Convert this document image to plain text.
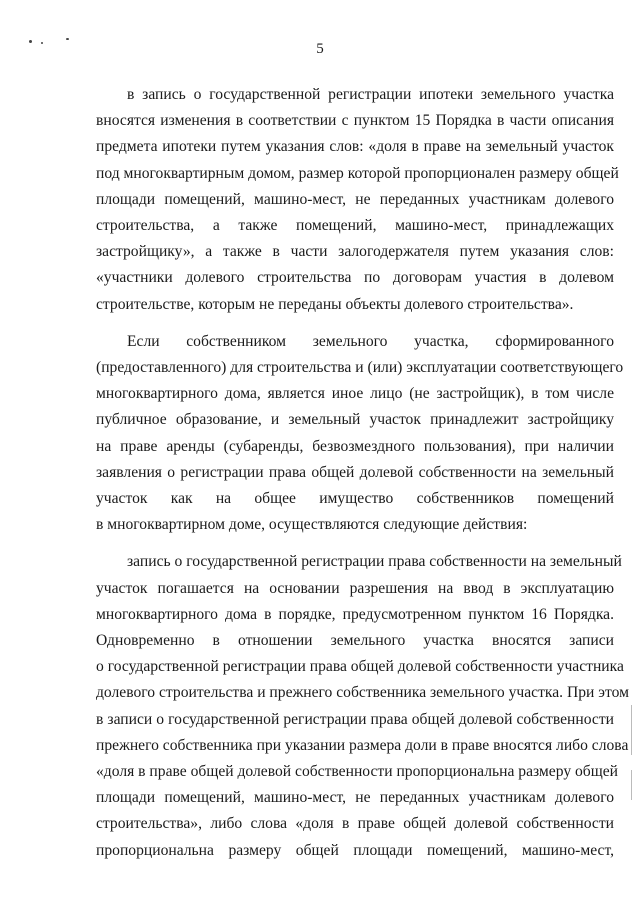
5
в запись о государственной регистрации ипотеки земельного участка
вносятся изменения в соответствии с пунктом 15 Порядка в части описания
предмета ипотеки путем указания слов: «доля в праве на земельный участок
под многоквартирным домом, размер которой пропорционален размеру общей
площади помещений, машино-мест, не переданных участникам долевого
строительства, а также помещений, машино-мест, принадлежащих
застройщику», а также в части залогодержателя путем указания слов:
«участники долевого строительства по договорам участия в долевом
строительстве, которым не переданы объекты долевого строительства».
Если собственником земельного участка, сформированного
(предоставленного) для строительства и (или) эксплуатации соответствующего
многоквартирного дома, является иное лицо (не застройщик), в том числе
публичное образование, и земельный участок принадлежит застройщику
на праве аренды (субаренды, безвозмездного пользования), при наличии
заявления о регистрации права общей долевой собственности на земельный
участок как на общее имущество собственников помещений
в многоквартирном доме, осуществляются следующие действия:
запись о государственной регистрации права собственности на земельный
участок погашается на основании разрешения на ввод в эксплуатацию
многоквартирного дома в порядке, предусмотренном пунктом 16 Порядка.
Одновременно в отношении земельного участка вносятся записи
о государственной регистрации права общей долевой собственности участника
долевого строительства и прежнего собственника земельного участка. При этом
в записи о государственной регистрации права общей долевой собственности
прежнего собственника при указании размера доли в праве вносятся либо слова
«доля в праве общей долевой собственности пропорциональна размеру общей
площади помещений, машино-мест, не переданных участникам долевого
строительства», либо слова «доля в праве общей долевой собственности
пропорциональна размеру общей площади помещений, машино-мест,
